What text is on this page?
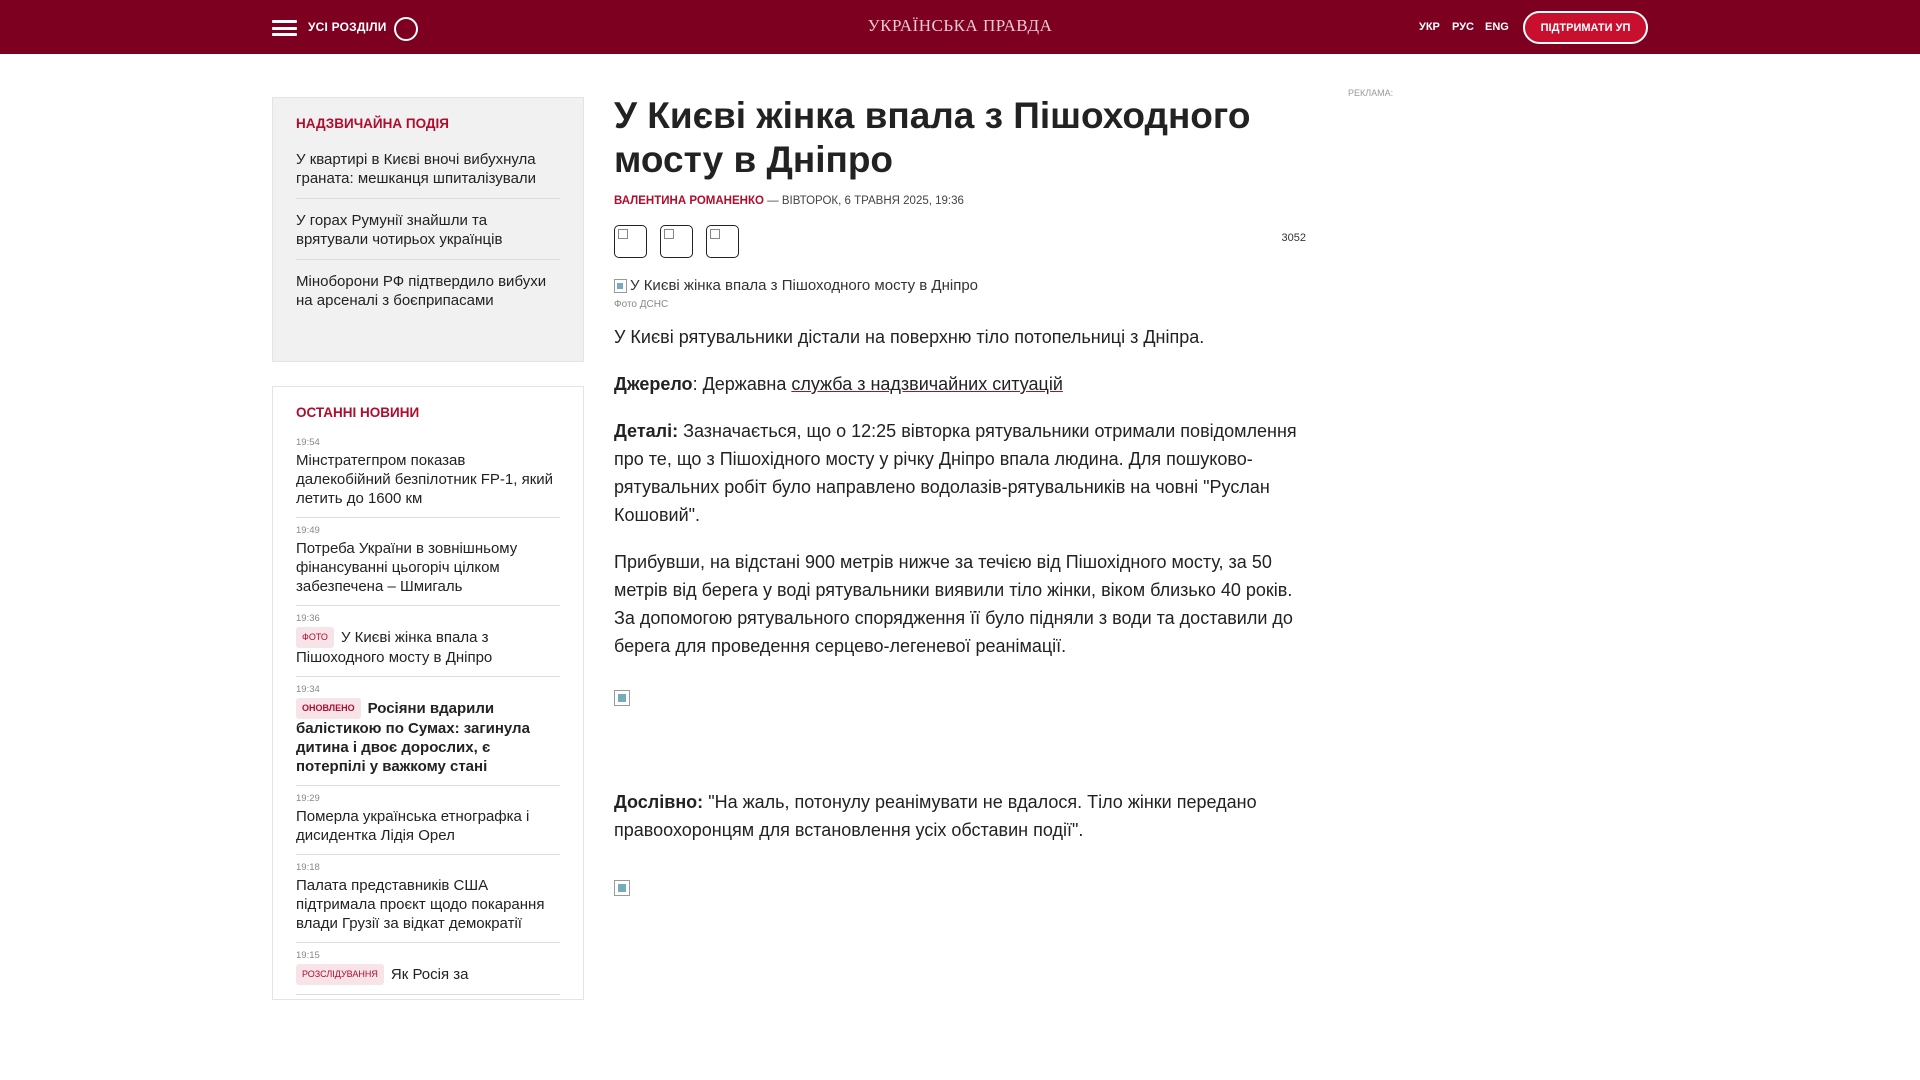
УСІ РОЗДІЛИ	УКРАЇНСЬКА ПРАВДА	УКР РУС ENG	ПІДТРИМАТИ УП
НАДЗВИЧАЙНА ПОДІЯ
У квартирі в Києві вночі вибухнула граната: мешканця шпиталізували
У горах Румунії знайшли та врятували чотирьох українців
Міноборони РФ підтвердило вибухи на арсеналі з боєприпасами
ОСТАННІ НОВИНИ
19:54
Мінстратегпром показав далекобійний безпілотник FP-1, який летить до 1600 км
19:49
Потреба України в зовнішньому фінансуванні цьогоріч цілком забезпечена – Шмигаль
19:36
ФОТО У Києві жінка впала з Пішоходного мосту в Дніпро
19:34
ОНОВЛЕНО Росіяни вдарили балістикою по Сумах: загинула дитина і двоє дорослих, є потерпілі у важкому стані
19:29
Померла українська етнографка і дисидентка Лідія Орел
19:18
Палата представників США підтримала проєкт щодо покарання влади Грузії за відкат демократії
19:15
РОЗСЛІДУВАННЯ Як Росія за
У Києві жінка впала з Пішоходного мосту в Дніпро
ВАЛЕНТИНА РОМАНЕНКО — ВІВТОРОК, 6 ТРАВНЯ 2025, 19:36
3052
У Києві жінка впала з Пішоходного мосту в Дніпро
Фото ДСНС

У Києві рятувальники дістали на поверхню тіло потопельниці з Дніпра.

Джерело: Державна служба з надзвичайних ситуацій

Деталі: Зазначається, що о 12:25 вівторка рятувальники отримали повідомлення про те, що з Пішохідного мосту у річку Дніпро впала людина. Для пошуково-рятувальних робіт було направлено водолазів-рятувальників на човні "Руслан Кошовий".

Прибувши, на відстані 900 метрів нижче за течією від Пішохідного мосту, за 50 метрів від берега у воді рятувальники виявили тіло жінки, віком близько 40 років. За допомогою рятувального спорядження її було підняли з води та доставили до берега для проведення серцево-легеневої реанімації.

Дослівно: "На жаль, потонулу реанімувати не вдалося. Тіло жінки передано правоохоронцям для встановлення усіх обставин події".

РЕКЛАМА:
